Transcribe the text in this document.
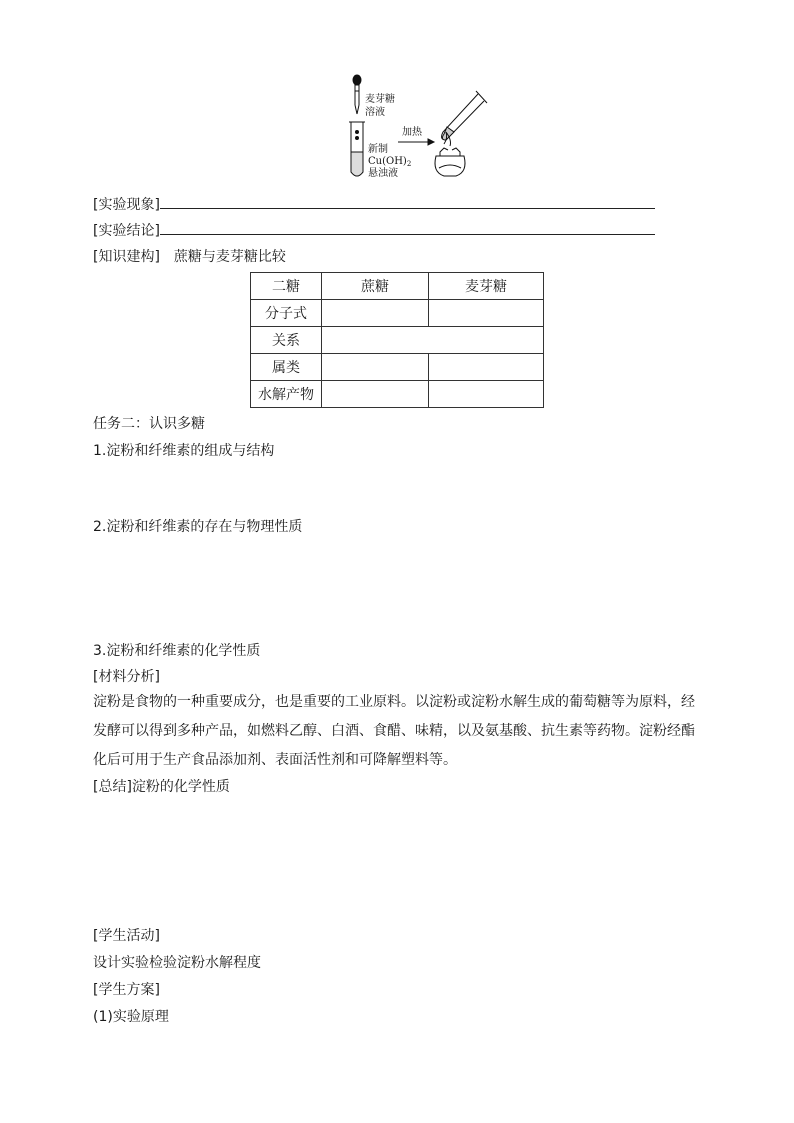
麦芽糖
溶液
新制
$Cu(OH)_2$
悬浊液
加热
[实验现象]
[实验结论]
[知识建构]　蔗糖与麦芽糖比较
二糖	蔗糖	麦芽糖
分子式		
关系		
属类		
水解产物		
任务二：认识多糖
1.淀粉和纤维素的组成与结构
2.淀粉和纤维素的存在与物理性质
3.淀粉和纤维素的化学性质
[材料分析]
淀粉是食物的一种重要成分，也是重要的工业原料。以淀粉或淀粉水解生成的葡萄糖等为原料，经发酵可以得到多种产品，如燃料乙醇、白酒、食醋、味精，以及氨基酸、抗生素等药物。淀粉经酯化后可用于生产食品添加剂、表面活性剂和可降解塑料等。
[总结]淀粉的化学性质
[学生活动]
设计实验检验淀粉水解程度
[学生方案]
(1)实验原理
